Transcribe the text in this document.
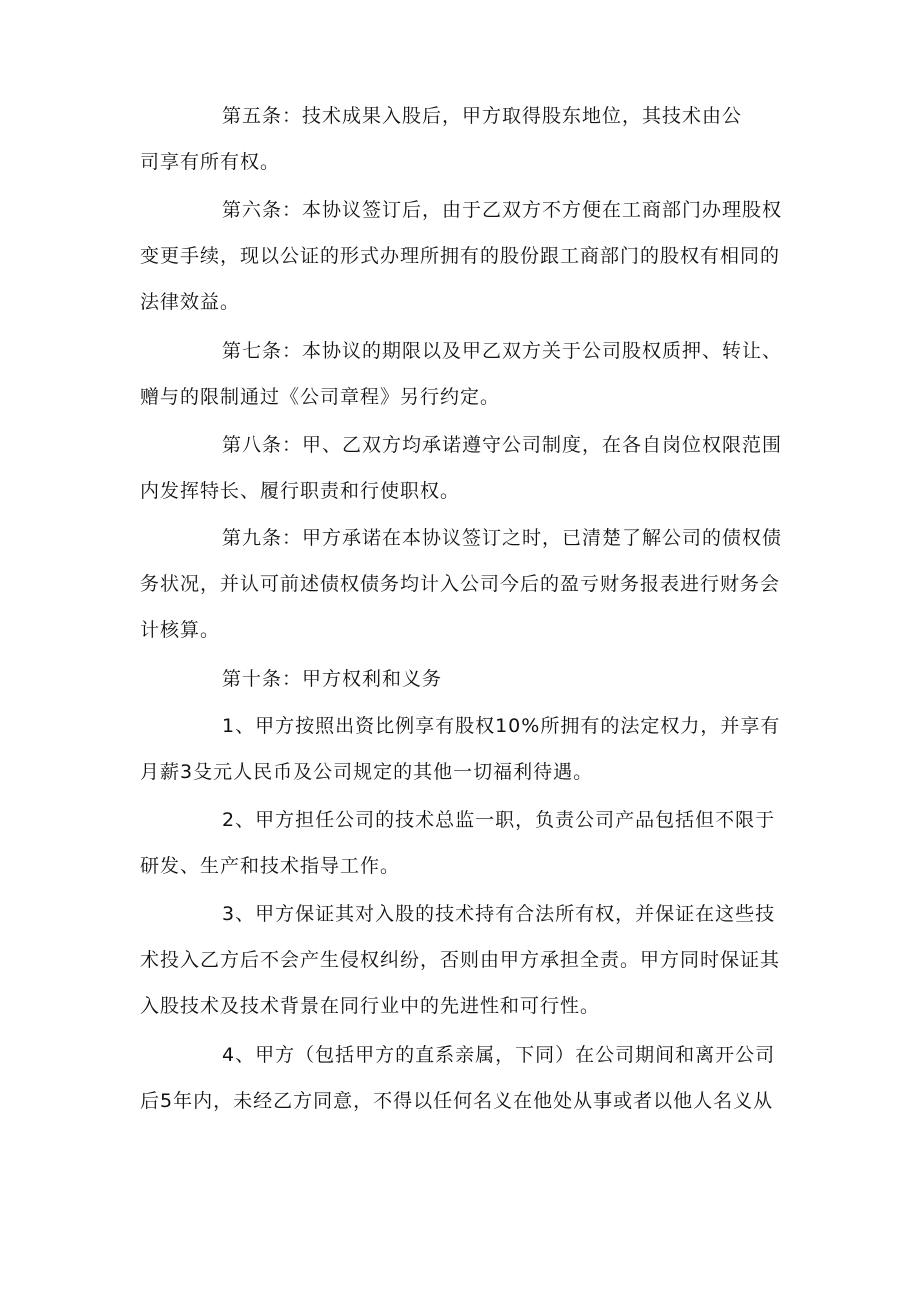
第五条：技术成果入股后，甲方取得股东地位，其技术由公
司享有所有权。

第六条：本协议签订后，由于乙双方不方便在工商部门办理股权
变更手续，现以公证的形式办理所拥有的股份跟工商部门的股权有相同的
法律效益。

第七条：本协议的期限以及甲乙双方关于公司股权质押、转让、
赠与的限制通过《公司章程》另行约定。

第八条：甲、乙双方均承诺遵守公司制度，在各自岗位权限范围
内发挥特长、履行职责和行使职权。

第九条：甲方承诺在本协议签订之时，已清楚了解公司的债权债
务状况，并认可前述债权债务均计入公司今后的盈亏财务报表进行财务会
计核算。

第十条：甲方权利和义务

1、甲方按照出资比例享有股权10%所拥有的法定权力，并享有
月薪3殳元人民币及公司规定的其他一切福利待遇。

2、甲方担任公司的技术总监一职，负责公司产品包括但不限于
研发、生产和技术指导工作。

3、甲方保证其对入股的技术持有合法所有权，并保证在这些技
术投入乙方后不会产生侵权纠纷，否则由甲方承担全责。甲方同时保证其
入股技术及技术背景在同行业中的先进性和可行性。

4、甲方（包括甲方的直系亲属，下同）在公司期间和离开公司
后5年内，未经乙方同意，不得以任何名义在他处从事或者以他人名义从
